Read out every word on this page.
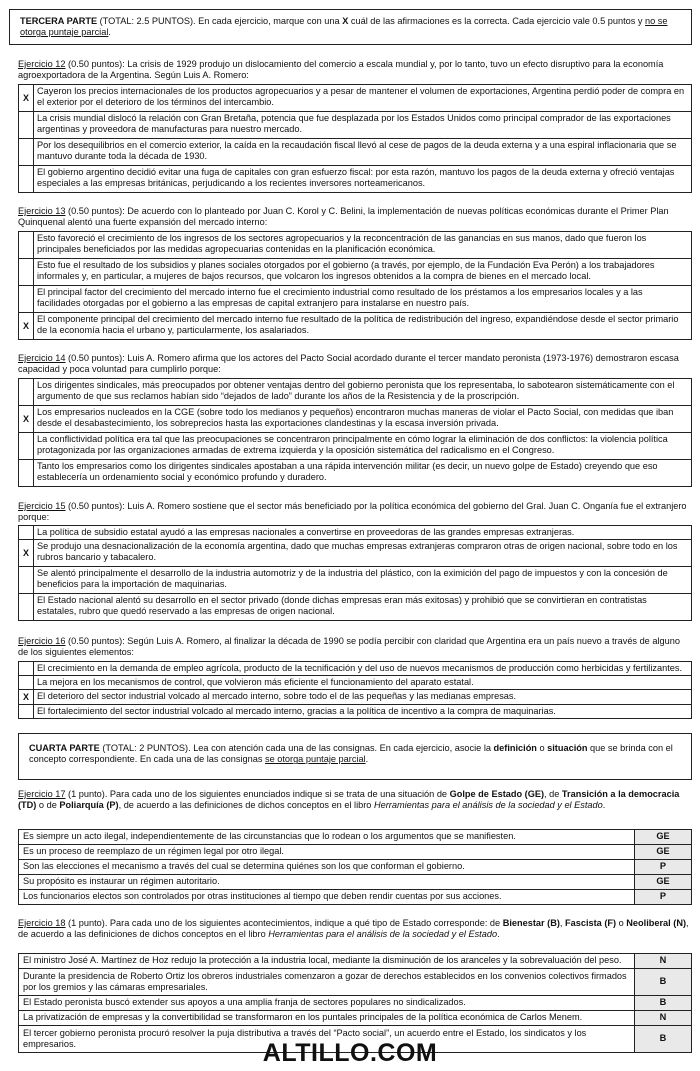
TERCERA PARTE (TOTAL: 2.5 PUNTOS). En cada ejercicio, marque con una X cuál de las afirmaciones es la correcta. Cada ejercicio vale 0.5 puntos y no se otorga puntaje parcial.

Ejercicio 12 (0.50 puntos): La crisis de 1929 produjo un dislocamiento del comercio a escala mundial y, por lo tanto, tuvo un efecto disruptivo para la economía agroexportadora de la Argentina. Según Luis A. Romero:

X	Cayeron los precios internacionales de los productos agropecuarios y a pesar de mantener el volumen de exportaciones, Argentina perdió poder de compra en el exterior por el deterioro de los términos del intercambio.
	La crisis mundial dislocó la relación con Gran Bretaña, potencia que fue desplazada por los Estados Unidos como principal comprador de las exportaciones argentinas y proveedora de manufacturas para nuestro mercado.
	Por los desequilibrios en el comercio exterior, la caída en la recaudación fiscal llevó al cese de pagos de la deuda externa y a una espiral inflacionaria que se mantuvo durante toda la década de 1930.
	El gobierno argentino decidió evitar una fuga de capitales con gran esfuerzo fiscal: por esta razón, mantuvo los pagos de la deuda externa y ofreció ventajas especiales a las empresas británicas, perjudicando a los recientes inversores norteamericanos.

Ejercicio 13 (0.50 puntos): De acuerdo con lo planteado por Juan C. Korol y C. Belini, la implementación de nuevas políticas económicas durante el Primer Plan Quinquenal alentó una fuerte expansión del mercado interno:

	Esto favoreció el crecimiento de los ingresos de los sectores agropecuarios y la reconcentración de las ganancias en sus manos, dado que fueron los principales beneficiados por las medidas agropecuarias contenidas en la planificación económica.
	Esto fue el resultado de los subsidios y planes sociales otorgados por el gobierno (a través, por ejemplo, de la Fundación Eva Perón) a los trabajadores informales y, en particular, a mujeres de bajos recursos, que volcaron los ingresos obtenidos a la compra de bienes en el mercado local.
	El principal factor del crecimiento del mercado interno fue el crecimiento industrial como resultado de los préstamos a los empresarios locales y a las facilidades otorgadas por el gobierno a las empresas de capital extranjero para instalarse en nuestro país.
X	El componente principal del crecimiento del mercado interno fue resultado de la política de redistribución del ingreso, expandiéndose desde el sector primario de la economía hacia el urbano y, particularmente, los asalariados.

Ejercicio 14 (0.50 puntos): Luis A. Romero afirma que los actores del Pacto Social acordado durante el tercer mandato peronista (1973-1976) demostraron escasa capacidad y poca voluntad para cumplirlo porque:

	Los dirigentes sindicales, más preocupados por obtener ventajas dentro del gobierno peronista que los representaba, lo sabotearon sistemáticamente con el argumento de que sus reclamos habían sido “dejados de lado” durante los años de la Resistencia y de la proscripción.
X	Los empresarios nucleados en la CGE (sobre todo los medianos y pequeños) encontraron muchas maneras de violar el Pacto Social, con medidas que iban desde el desabastecimiento, los sobreprecios hasta las exportaciones clandestinas y la escasa inversión privada.
	La conflictividad política era tal que las preocupaciones se concentraron principalmente en cómo lograr la eliminación de dos conflictos: la violencia política protagonizada por las organizaciones armadas de extrema izquierda y la oposición sistemática del radicalismo en el Congreso.
	Tanto los empresarios como los dirigentes sindicales apostaban a una rápida intervención militar (es decir, un nuevo golpe de Estado) creyendo que eso establecería un ordenamiento social y económico profundo y duradero.

Ejercicio 15 (0.50 puntos): Luis A. Romero sostiene que el sector más beneficiado por la política económica del gobierno del Gral. Juan C. Onganía fue el extranjero porque:

	La política de subsidio estatal ayudó a las empresas nacionales a convertirse en proveedoras de las grandes empresas extranjeras.
X	Se produjo una desnacionalización de la economía argentina, dado que muchas empresas extranjeras compraron otras de origen nacional, sobre todo en los rubros bancario y tabacalero.
	Se alentó principalmente el desarrollo de la industria automotriz y de la industria del plástico, con la eximición del pago de impuestos y con la concesión de beneficios para la importación de maquinarias.
	El Estado nacional alentó su desarrollo en el sector privado (donde dichas empresas eran más exitosas) y prohibió que se convirtieran en contratistas estatales, rubro que quedó reservado a las empresas de origen nacional.

Ejercicio 16 (0.50 puntos): Según Luis A. Romero, al finalizar la década de 1990 se podía percibir con claridad que Argentina era un país nuevo a través de alguno de los siguientes elementos:

	El crecimiento en la demanda de empleo agrícola, producto de la tecnificación y del uso de nuevos mecanismos de producción como herbicidas y fertilizantes.
	La mejora en los mecanismos de control, que volvieron más eficiente el funcionamiento del aparato estatal.
X	El deterioro del sector industrial volcado al mercado interno, sobre todo el de las pequeñas y las medianas empresas.
	El fortalecimiento del sector industrial volcado al mercado interno, gracias a la política de incentivo a la compra de maquinarias.

CUARTA PARTE (TOTAL: 2 PUNTOS). Lea con atención cada una de las consignas. En cada ejercicio, asocie la definición o situación que se brinda con el concepto correspondiente. En cada una de las consignas se otorga puntaje parcial.

Ejercicio 17 (1 punto). Para cada uno de los siguientes enunciados indique si se trata de una situación de Golpe de Estado (GE), de Transición a la democracia (TD) o de Poliarquía (P), de acuerdo a las definiciones de dichos conceptos en el libro Herramientas para el análisis de la sociedad y el Estado.

Es siempre un acto ilegal, independientemente de las circunstancias que lo rodean o los argumentos que se manifiesten.	GE
Es un proceso de reemplazo de un régimen legal por otro ilegal.	GE
Son las elecciones el mecanismo a través del cual se determina quiénes son los que conforman el gobierno.	P
Su propósito es instaurar un régimen autoritario.	GE
Los funcionarios electos son controlados por otras instituciones al tiempo que deben rendir cuentas por sus acciones.	P

Ejercicio 18 (1 punto). Para cada uno de los siguientes acontecimientos, indique a qué tipo de Estado corresponde: de Bienestar (B), Fascista (F) o Neoliberal (N), de acuerdo a las definiciones de dichos conceptos en el libro Herramientas para el análisis de la sociedad y el Estado.

El ministro José A. Martínez de Hoz redujo la protección a la industria local, mediante la disminución de los aranceles y la sobrevaluación del peso.	N
Durante la presidencia de Roberto Ortiz los obreros industriales comenzaron a gozar de derechos establecidos en los convenios colectivos firmados por los gremios y las cámaras empresariales.	B
El Estado peronista buscó extender sus apoyos a una amplia franja de sectores populares no sindicalizados.	B
La privatización de empresas y la convertibilidad se transformaron en los puntales principales de la política económica de Carlos Menem.	N
El tercer gobierno peronista procuró resolver la puja distributiva a través del “Pacto social”, un acuerdo entre el Estado, los sindicatos y los empresarios.	B
ALTILLO.COM
